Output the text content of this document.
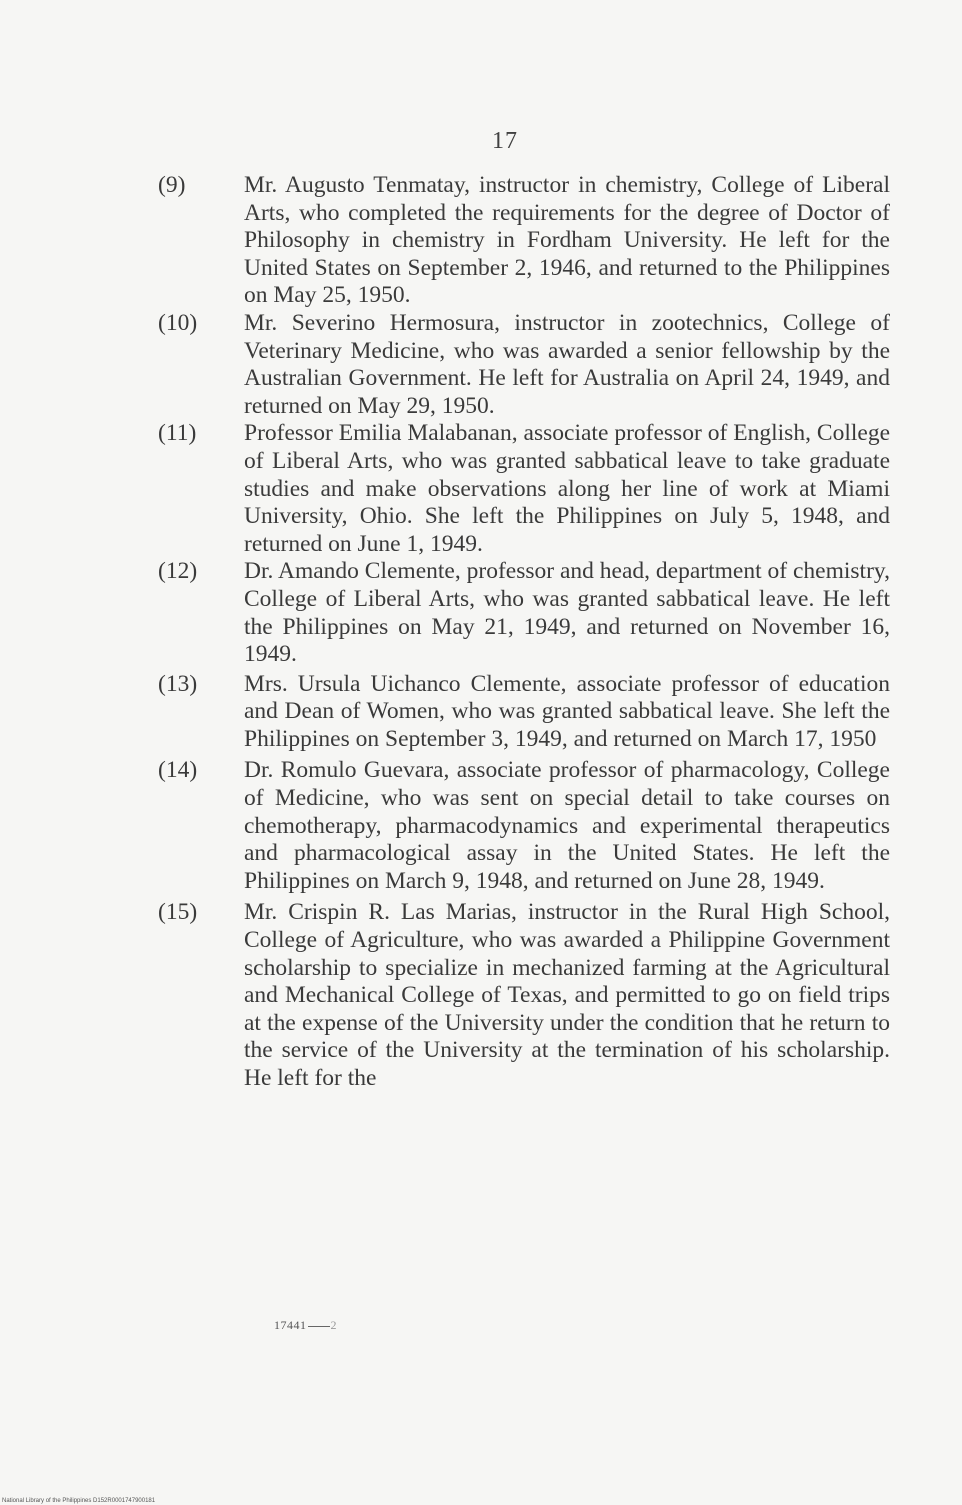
17
(9)	Mr. Augusto Tenmatay, instructor in chemistry, College of Liberal Arts, who completed the requirements for the degree of Doctor of Philosophy in chemistry in Fordham University. He left for the United States on September 2, 1946, and returned to the Philippines on May 25, 1950.
(10)	Mr. Severino Hermosura, instructor in zootechnics, College of Veterinary Medicine, who was awarded a senior fellowship by the Australian Government. He left for Australia on April 24, 1949, and returned on May 29, 1950.
(11)	Professor Emilia Malabanan, associate professor of English, College of Liberal Arts, who was granted sabbatical leave to take graduate studies and make observations along her line of work at Miami University, Ohio. She left the Philippines on July 5, 1948, and returned on June 1, 1949.
(12)	Dr. Amando Clemente, professor and head, department of chemistry, College of Liberal Arts, who was granted sabbatical leave. He left the Philippines on May 21, 1949, and returned on November 16, 1949.
(13)	Mrs. Ursula Uichanco Clemente, associate professor of education and Dean of Women, who was granted sabbatical leave. She left the Philippines on September 3, 1949, and returned on March 17, 1950
(14)	Dr. Romulo Guevara, associate professor of pharmacology, College of Medicine, who was sent on special detail to take courses on chemotherapy, pharmacodynamics and experimental therapeutics and pharmacological assay in the United States. He left the Philippines on March 9, 1948, and returned on June 28, 1949.
(15)	Mr. Crispin R. Las Marias, instructor in the Rural High School, College of Agriculture, who was awarded a Philippine Government scholarship to specialize in mechanized farming at the Agricultural and Mechanical College of Texas, and permitted to go on field trips at the expense of the University under the condition that he return to the service of the University at the termination of his scholarship. He left for the
17441 2
National Library of the Philippines D152R0001747900181
